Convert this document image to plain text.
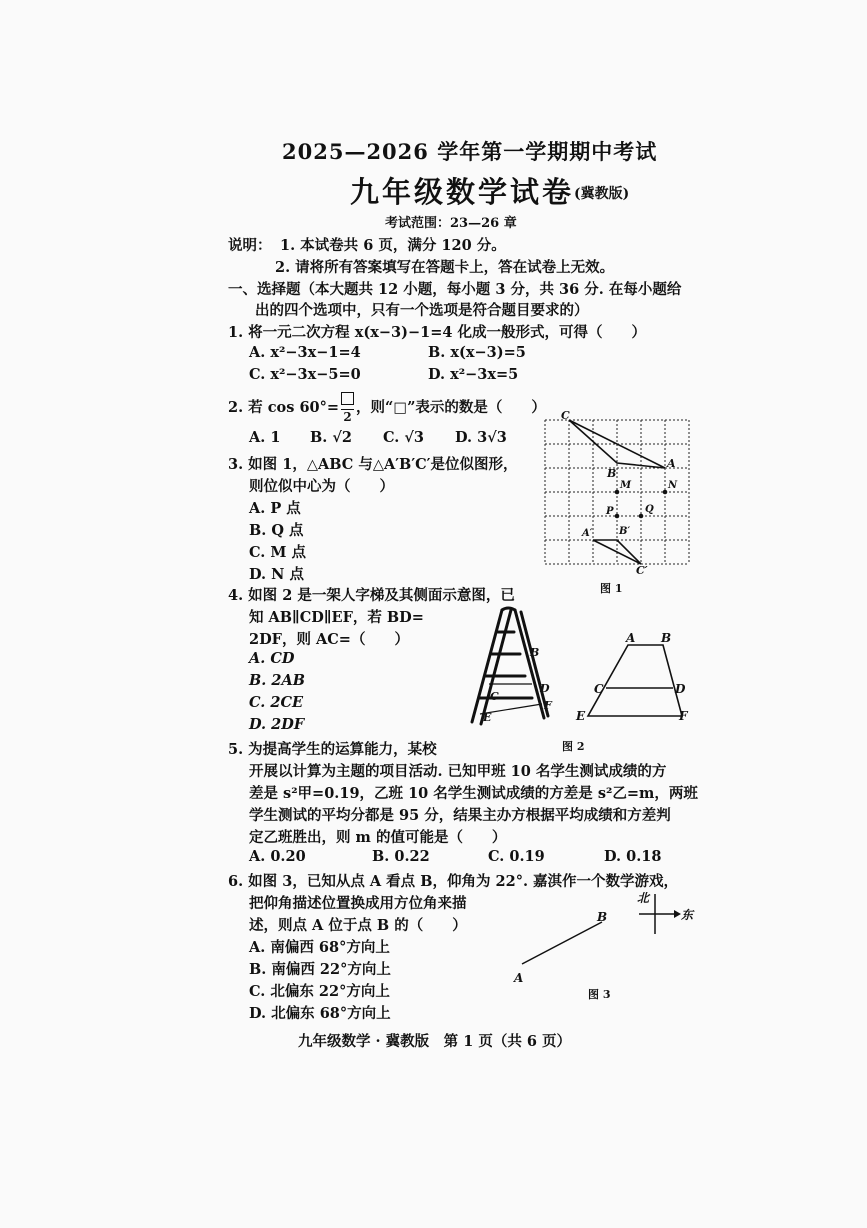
2025—2026 学年第一学期期中考试
九年级数学试卷 (冀教版)
考试范围：23—26 章
说明： 1. 本试卷共 6 页，满分 120 分。
2. 请将所有答案填写在答题卡上，答在试卷上无效。
一、选择题（本大题共 12 小题，每小题 3 分，共 36 分. 在每小题给
出的四个选项中，只有一个选项是符合题目要求的）
1. 将一元二次方程 x(x−3)−1=4 化成一般形式，可得（　　）
A. x²−3x−1=4	B. x(x−3)=5
C. x²−3x−5=0	D. x²−3x=5
2. 若 cos 60°=
2，则“□”表示的数是（　　）
A. 1 B. √2 C. √3 D. 3√3
3. 如图 1，△ABC 与△A′B′C′是位似图形，
则位似中心为（　　）
A. P 点
B. Q 点
C. M 点
D. N 点
C
A
B
M	N
P	Q
A′	B′
C′
图 1
4. 如图 2 是一架人字梯及其侧面示意图，已
知 AB∥CD∥EF，若 BD=
2DF，则 AC=（　　）
A. CD
B. 2AB
C. 2CE
D. 2DF
B
C
D
E
F
A B
C	D
E	F
图 2
5. 为提高学生的运算能力，某校
开展以计算为主题的项目活动. 已知甲班 10 名学生测试成绩的方
差是 s²甲=0.19，乙班 10 名学生测试成绩的方差是 s²乙=m，两班
学生测试的平均分都是 95 分，结果主办方根据平均成绩和方差判
定乙班胜出，则 m 的值可能是（　　）
A. 0.20	B. 0.22	C. 0.19	D. 0.18
6. 如图 3，已知从点 A 看点 B，仰角为 22°. 嘉淇作一个数学游戏，
把仰角描述位置换成用方位角来描
述，则点 A 位于点 B 的（　　）
A. 南偏西 68°方向上
B. 南偏西 22°方向上
C. 北偏东 22°方向上
D. 北偏东 68°方向上
A
B
北
东
图 3
九年级数学 · 冀教版　第 1 页（共 6 页）
